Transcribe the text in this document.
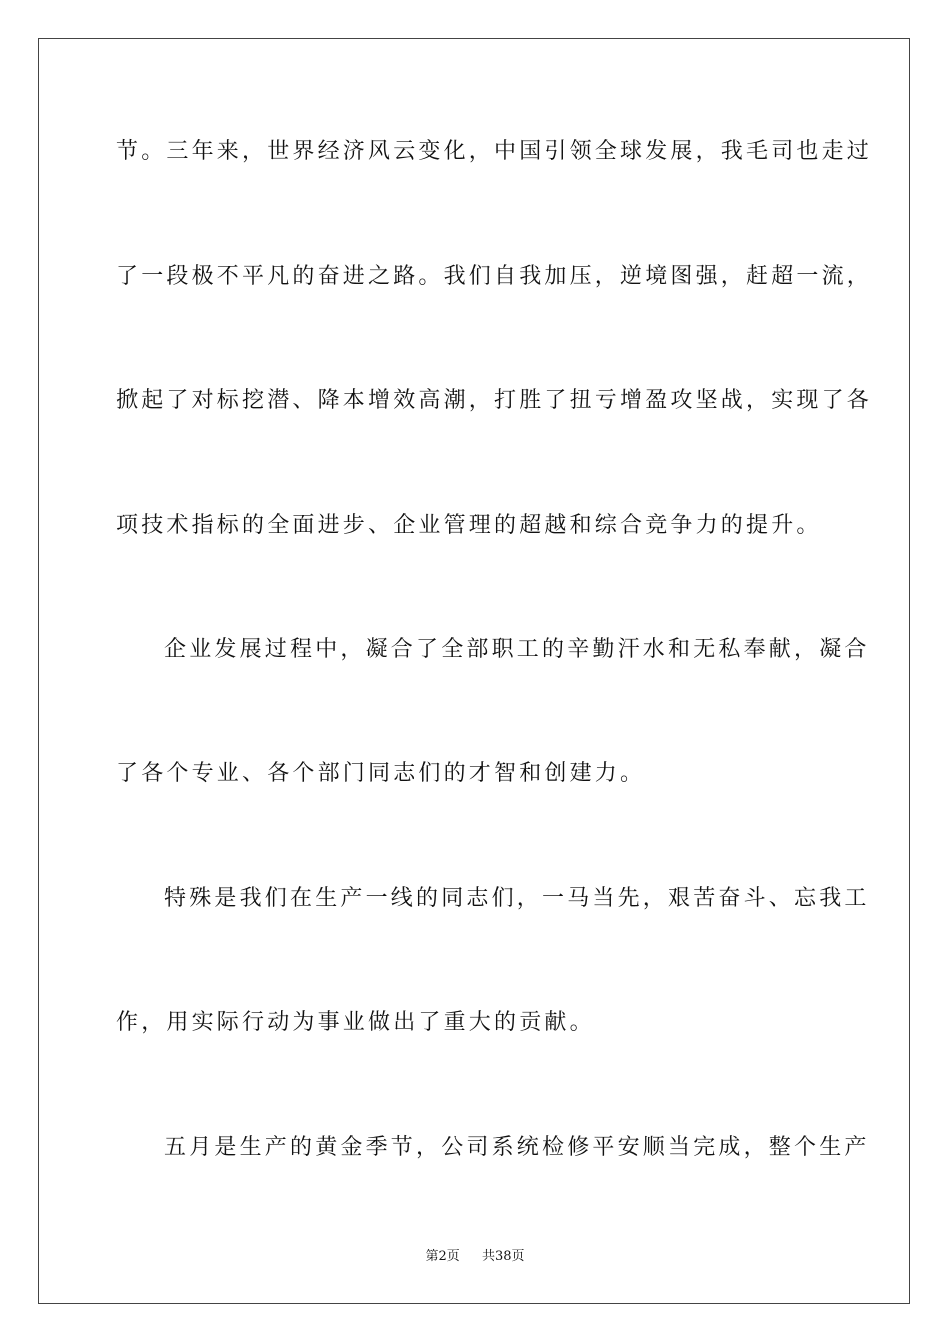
节。三年来，世界经济风云变化，中国引领全球发展，我毛司也走过
了一段极不平凡的奋进之路。我们自我加压，逆境图强，赶超一流，
掀起了对标挖潜、降本增效高潮，打胜了扭亏增盈攻坚战，实现了各
项技术指标的全面进步、企业管理的超越和综合竞争力的提升。
企业发展过程中，凝合了全部职工的辛勤汗水和无私奉献，凝合
了各个专业、各个部门同志们的才智和创建力。
特殊是我们在生产一线的同志们，一马当先，艰苦奋斗、忘我工
作，用实际行动为事业做出了重大的贡献。
五月是生产的黄金季节，公司系统检修平安顺当完成，整个生产
第2页 共38页
